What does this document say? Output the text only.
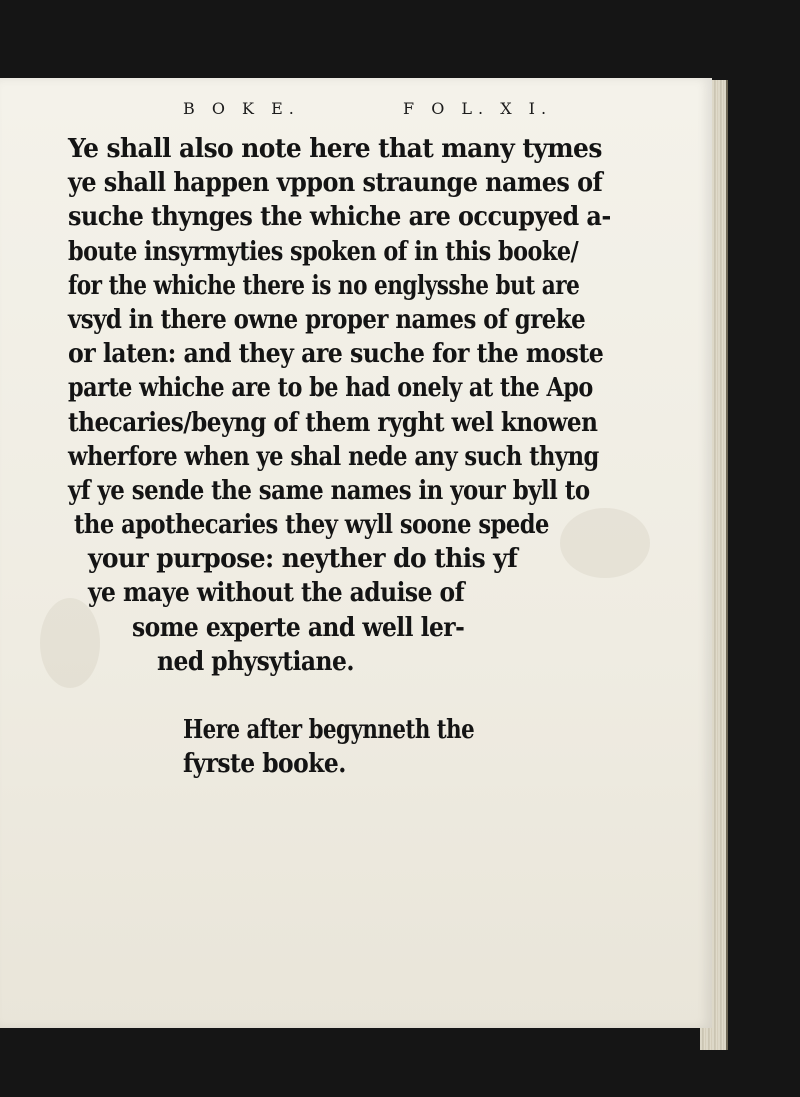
B O K E.	F O L. X I.
Ye shall also note here that many tymes
ye shall happen vppon straunge names of
suche thynges the whiche are occupyed a-
boute insyrmyties spoken of in this booke/
for the whiche there is no englysshe but are
vsyd in there owne proper names of greke
or laten: and they are suche for the moste
parte whiche are to be had onely at the Apo
thecaries/beyng of them ryght wel knowen
wherfore when ye shal nede any such thyng
yf ye sende the same names in your byll to
the apothecaries they wyll soone spede
your purpose: neyther do this yf
ye maye without the aduise of
some experte and well ler-
ned physytiane.
Here after begynneth the
fyrste booke.
